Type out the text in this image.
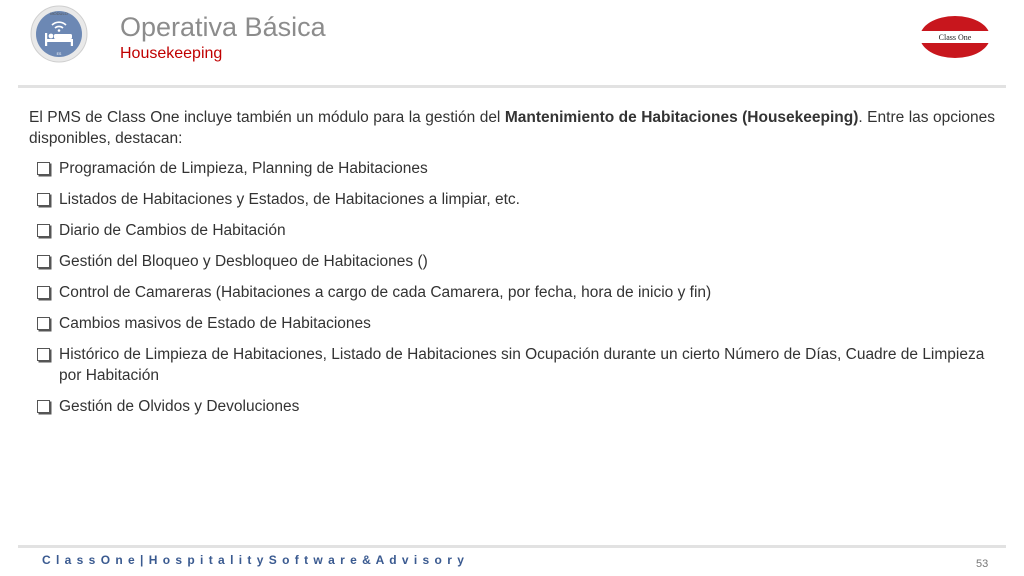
MÓDULO
ES
Operativa Básica
Housekeeping
Class One

El PMS de Class One incluye también un módulo para la gestión del Mantenimiento de Habitaciones (Housekeeping). Entre las opciones disponibles, destacan:

Programación de Limpieza, Planning de Habitaciones
Listados de Habitaciones y Estados, de Habitaciones a limpiar, etc.
Diario de Cambios de Habitación
Gestión del Bloqueo y Desbloqueo de Habitaciones ()
Control de Camareras (Habitaciones a cargo de cada Camarera, por fecha, hora de inicio y fin)
Cambios masivos de Estado de Habitaciones
Histórico de Limpieza de Habitaciones, Listado de Habitaciones sin Ocupación durante un cierto Número de Días, Cuadre de Limpieza por Habitación
Gestión de Olvidos y Devoluciones
C l a s s O n e | H o s p i t a l i t y S o f t w a r e & A d v i s o r y	53
